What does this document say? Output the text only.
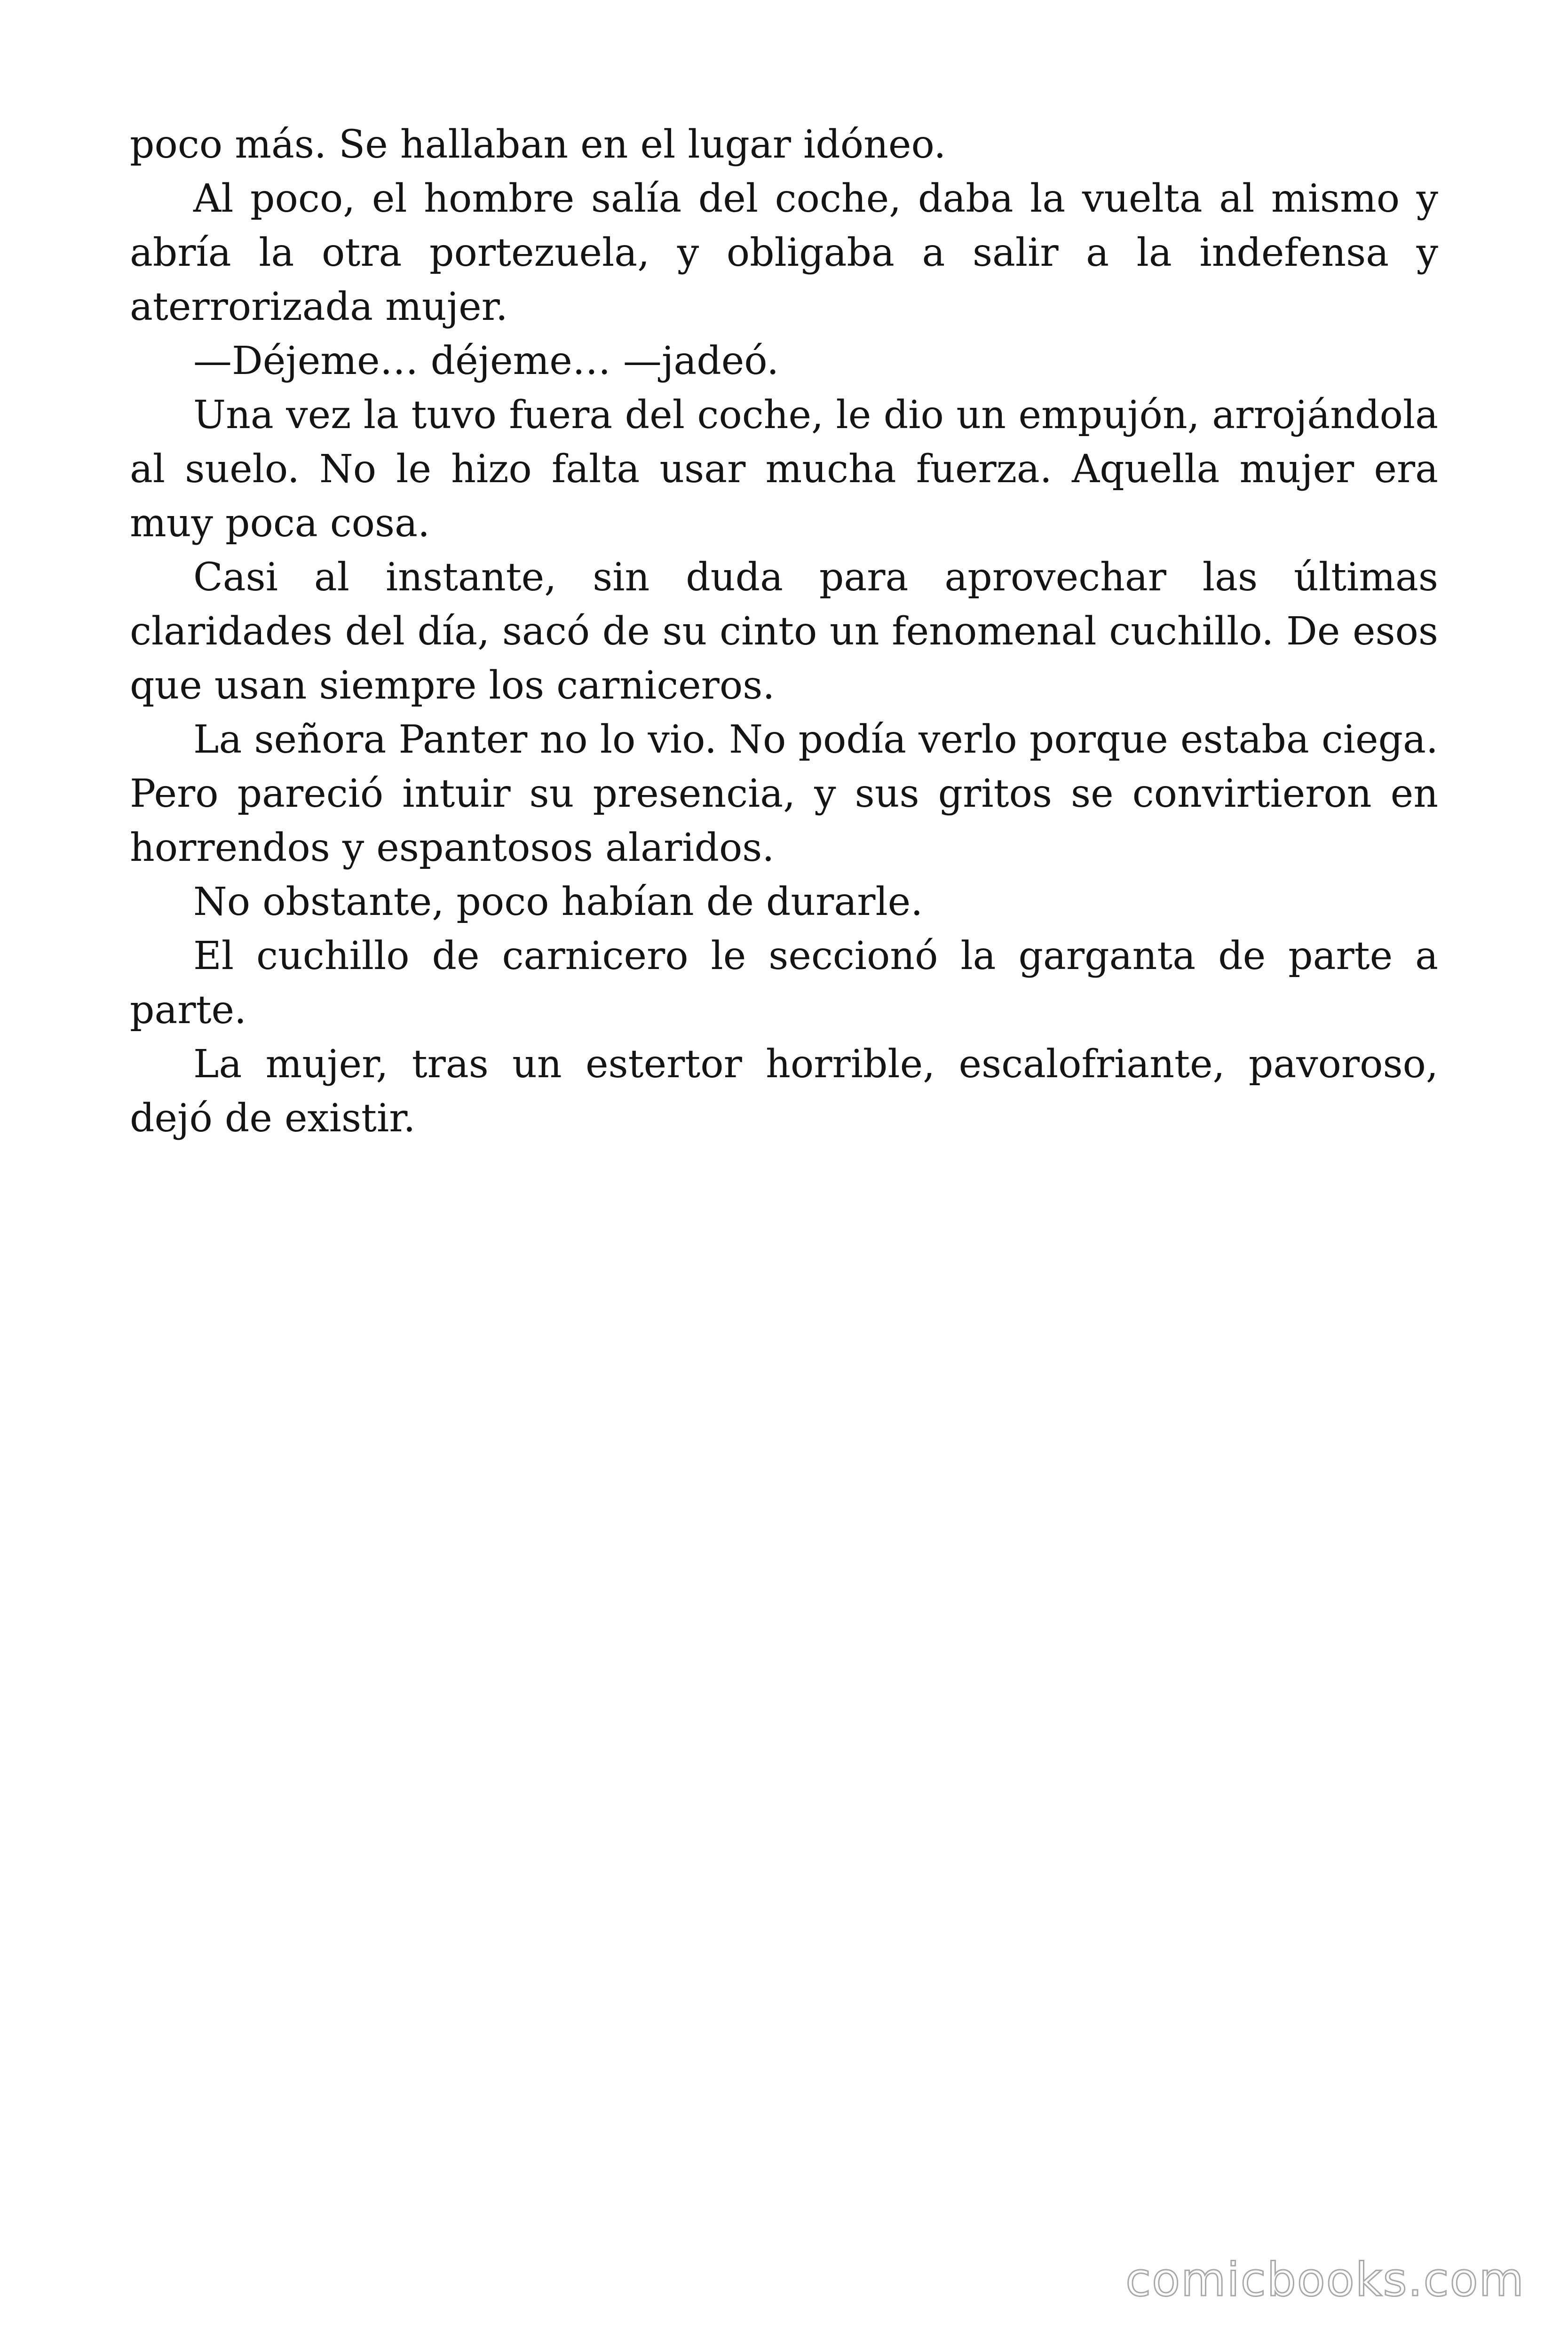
poco más. Se hallaban en el lugar idóneo.

Al poco, el hombre salía del coche, daba la vuelta al mismo y abría la otra portezuela, y obligaba a salir a la indefensa y aterrorizada mujer.

—Déjeme… déjeme… —jadeó.

Una vez la tuvo fuera del coche, le dio un empujón, arrojándola al suelo. No le hizo falta usar mucha fuerza. Aquella mujer era muy poca cosa.

Casi al instante, sin duda para aprovechar las últimas claridades del día, sacó de su cinto un fenomenal cuchillo. De esos que usan siempre los carniceros.

La señora Panter no lo vio. No podía verlo porque estaba ciega. Pero pareció intuir su presencia, y sus gritos se convirtieron en horrendos y espantosos alaridos.

No obstante, poco habían de durarle.

El cuchillo de carnicero le seccionó la garganta de parte a parte.

La mujer, tras un estertor horrible, escalofriante, pavoroso, dejó de existir.

comicbooks.com
